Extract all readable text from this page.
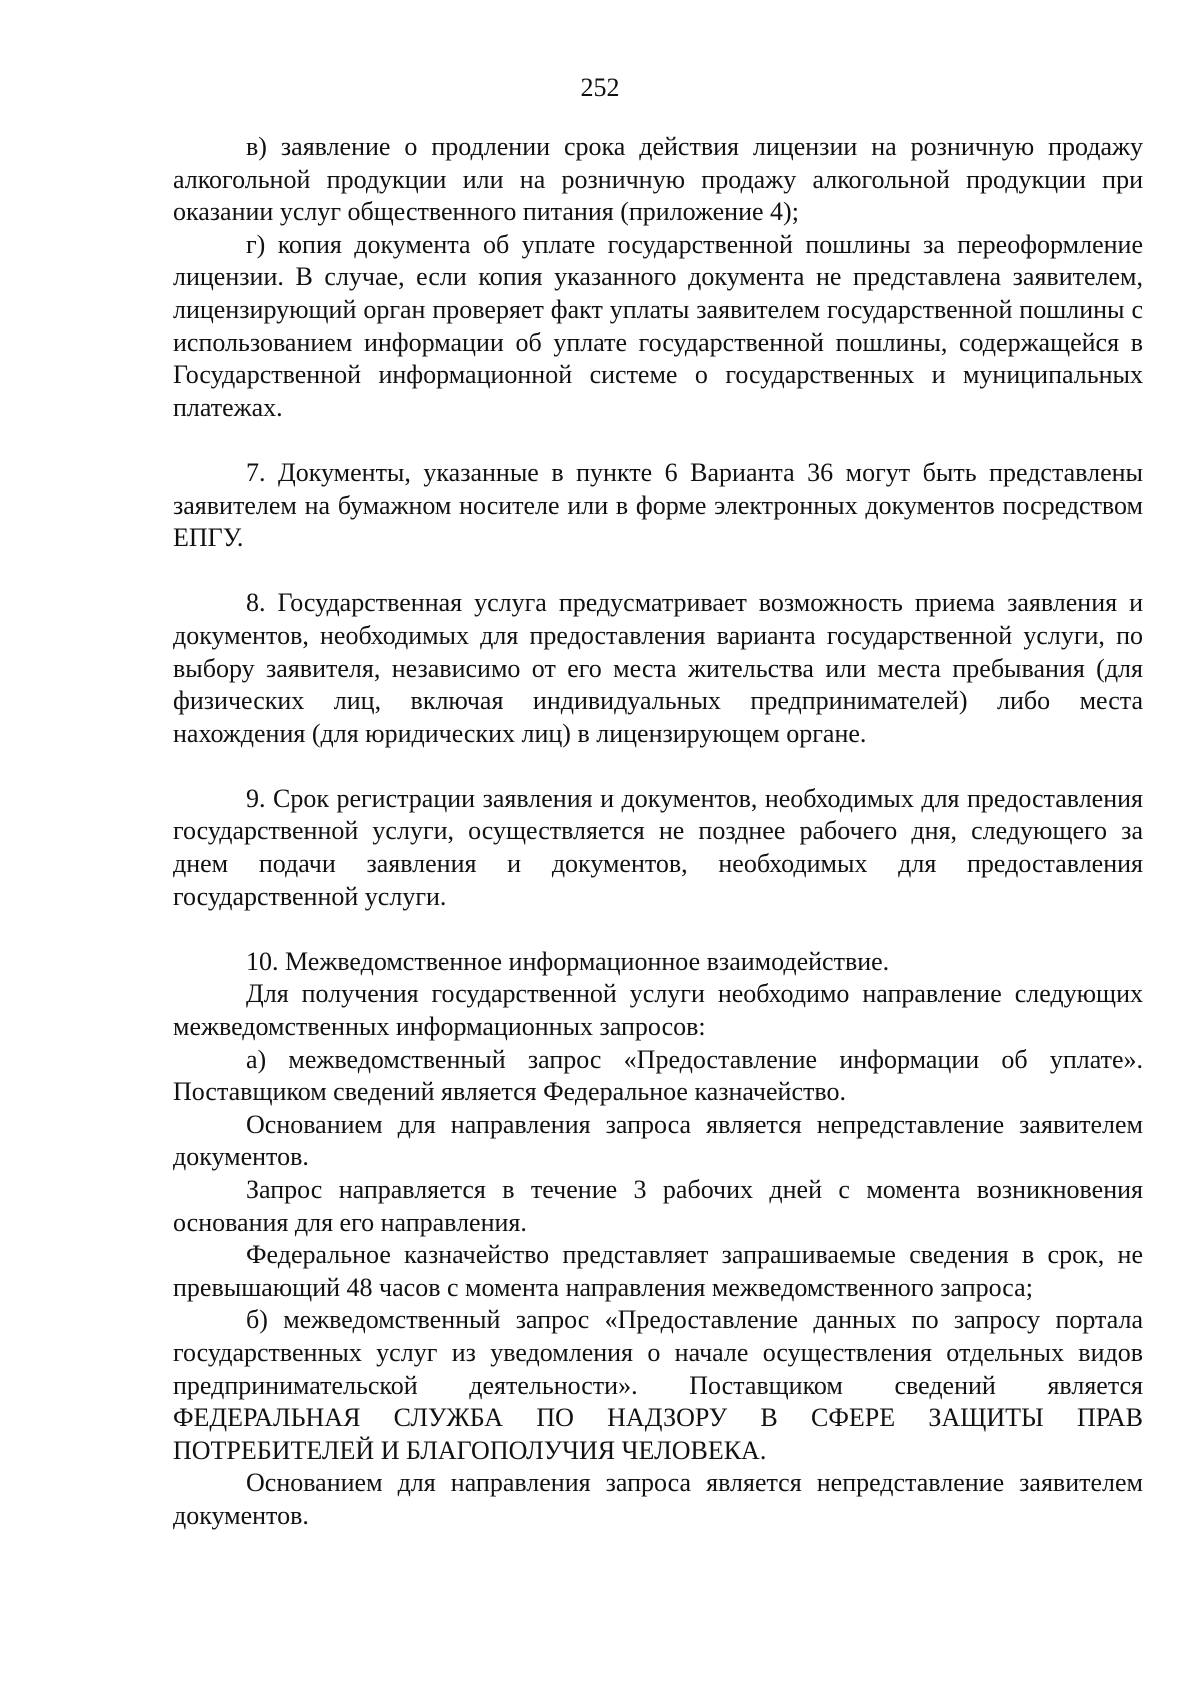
252

в) заявление о продлении срока действия лицензии на розничную продажу алкогольной продукции или на розничную продажу алкогольной продукции при оказании услуг общественного питания (приложение 4);

г) копия документа об уплате государственной пошлины за переоформление лицензии. В случае, если копия указанного документа не представлена заявителем, лицензирующий орган проверяет факт уплаты заявителем государственной пошлины с использованием информации об уплате государственной пошлины, содержащейся в Государственной информационной системе о государственных и муниципальных платежах.

7. Документы, указанные в пункте 6 Варианта 36 могут быть представлены заявителем на бумажном носителе или в форме электронных документов посредством ЕПГУ.

8. Государственная услуга предусматривает возможность приема заявления и документов, необходимых для предоставления варианта государственной услуги, по выбору заявителя, независимо от его места жительства или места пребывания (для физических лиц, включая индивидуальных предпринимателей) либо места нахождения (для юридических лиц) в лицензирующем органе.

9. Срок регистрации заявления и документов, необходимых для предоставления государственной услуги, осуществляется не позднее рабочего дня, следующего за днем подачи заявления и документов, необходимых для предоставления государственной услуги.

10. Межведомственное информационное взаимодействие.

Для получения государственной услуги необходимо направление следующих межведомственных информационных запросов:

а) межведомственный запрос «Предоставление информации об уплате». Поставщиком сведений является Федеральное казначейство.

Основанием для направления запроса является непредставление заявителем документов.

Запрос направляется в течение 3 рабочих дней с момента возникновения основания для его направления.

Федеральное казначейство представляет запрашиваемые сведения в срок, не превышающий 48 часов с момента направления межведомственного запроса;

б) межведомственный запрос «Предоставление данных по запросу портала государственных услуг из уведомления о начале осуществления отдельных видов предпринимательской деятельности». Поставщиком сведений является ФЕДЕРАЛЬНАЯ СЛУЖБА ПО НАДЗОРУ В СФЕРЕ ЗАЩИТЫ ПРАВ ПОТРЕБИТЕЛЕЙ И БЛАГОПОЛУЧИЯ ЧЕЛОВЕКА.

Основанием для направления запроса является непредставление заявителем документов.
